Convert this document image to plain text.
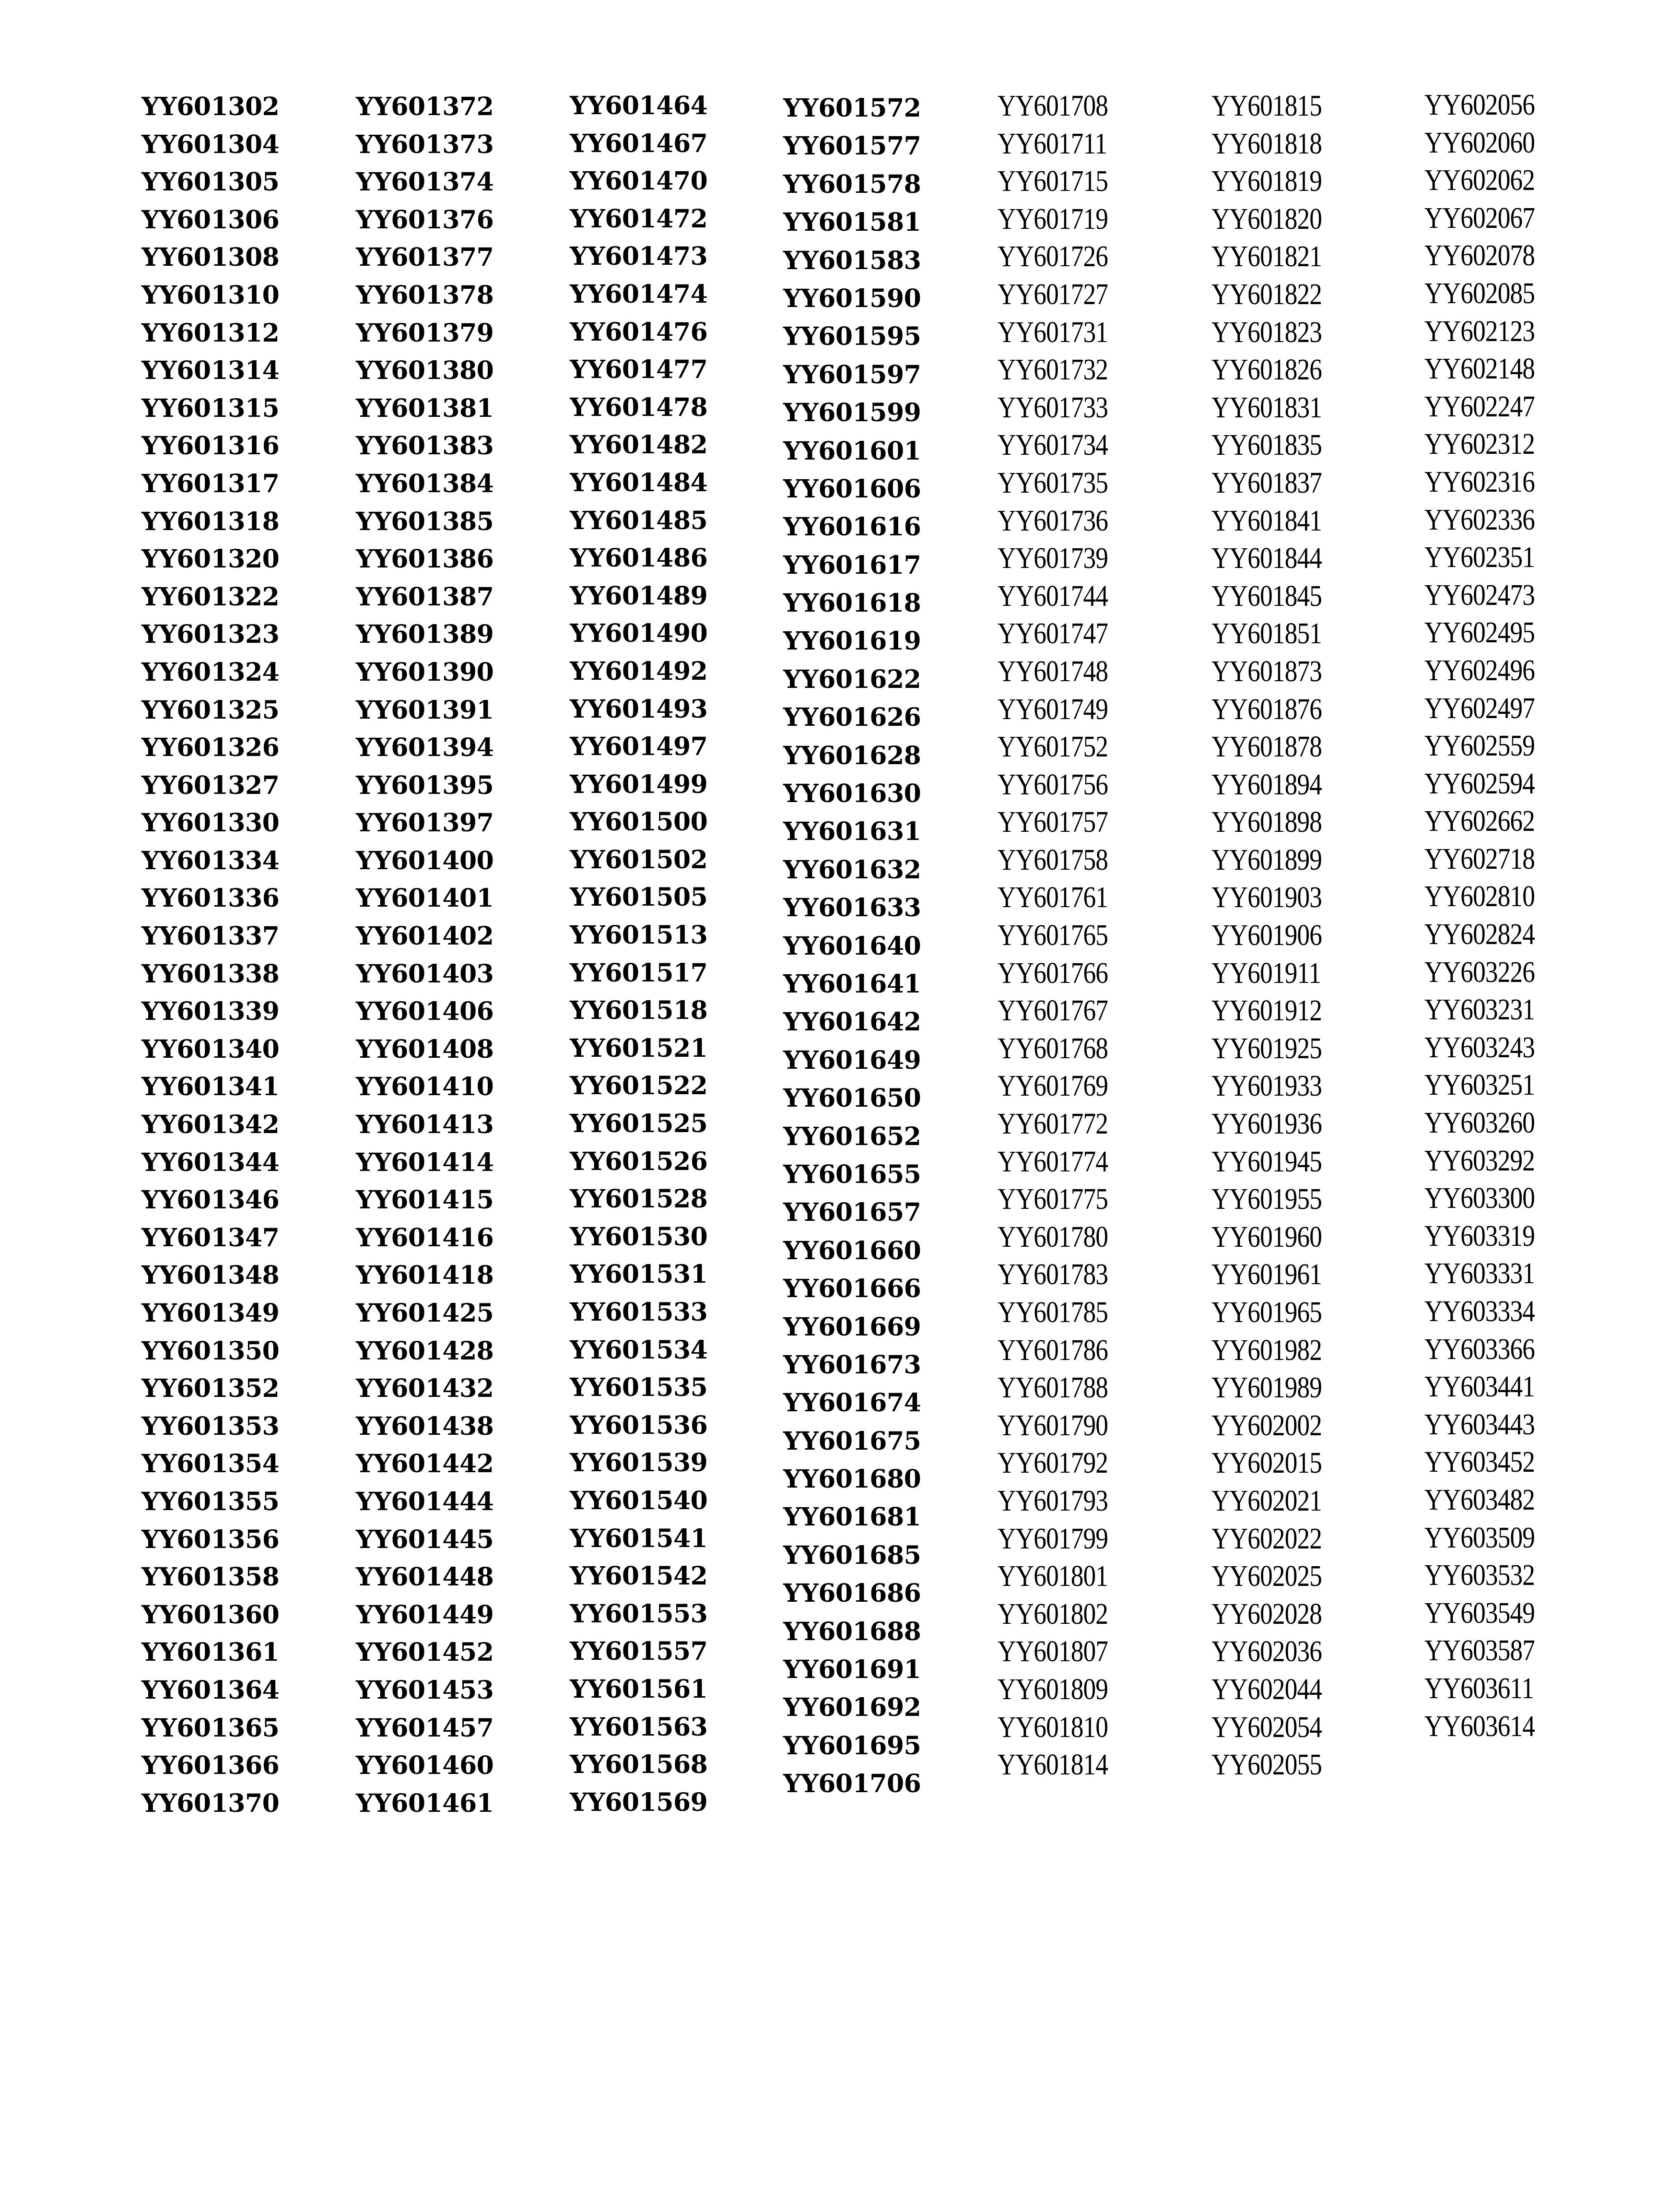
YY601302
YY601304
YY601305
YY601306
YY601308
YY601310
YY601312
YY601314
YY601315
YY601316
YY601317
YY601318
YY601320
YY601322
YY601323
YY601324
YY601325
YY601326
YY601327
YY601330
YY601334
YY601336
YY601337
YY601338
YY601339
YY601340
YY601341
YY601342
YY601344
YY601346
YY601347
YY601348
YY601349
YY601350
YY601352
YY601353
YY601354
YY601355
YY601356
YY601358
YY601360
YY601361
YY601364
YY601365
YY601366
YY601370
YY601372
YY601373
YY601374
YY601376
YY601377
YY601378
YY601379
YY601380
YY601381
YY601383
YY601384
YY601385
YY601386
YY601387
YY601389
YY601390
YY601391
YY601394
YY601395
YY601397
YY601400
YY601401
YY601402
YY601403
YY601406
YY601408
YY601410
YY601413
YY601414
YY601415
YY601416
YY601418
YY601425
YY601428
YY601432
YY601438
YY601442
YY601444
YY601445
YY601448
YY601449
YY601452
YY601453
YY601457
YY601460
YY601461
YY601464
YY601467
YY601470
YY601472
YY601473
YY601474
YY601476
YY601477
YY601478
YY601482
YY601484
YY601485
YY601486
YY601489
YY601490
YY601492
YY601493
YY601497
YY601499
YY601500
YY601502
YY601505
YY601513
YY601517
YY601518
YY601521
YY601522
YY601525
YY601526
YY601528
YY601530
YY601531
YY601533
YY601534
YY601535
YY601536
YY601539
YY601540
YY601541
YY601542
YY601553
YY601557
YY601561
YY601563
YY601568
YY601569
YY601572
YY601577
YY601578
YY601581
YY601583
YY601590
YY601595
YY601597
YY601599
YY601601
YY601606
YY601616
YY601617
YY601618
YY601619
YY601622
YY601626
YY601628
YY601630
YY601631
YY601632
YY601633
YY601640
YY601641
YY601642
YY601649
YY601650
YY601652
YY601655
YY601657
YY601660
YY601666
YY601669
YY601673
YY601674
YY601675
YY601680
YY601681
YY601685
YY601686
YY601688
YY601691
YY601692
YY601695
YY601706
YY601708
YY601711
YY601715
YY601719
YY601726
YY601727
YY601731
YY601732
YY601733
YY601734
YY601735
YY601736
YY601739
YY601744
YY601747
YY601748
YY601749
YY601752
YY601756
YY601757
YY601758
YY601761
YY601765
YY601766
YY601767
YY601768
YY601769
YY601772
YY601774
YY601775
YY601780
YY601783
YY601785
YY601786
YY601788
YY601790
YY601792
YY601793
YY601799
YY601801
YY601802
YY601807
YY601809
YY601810
YY601814
YY601815
YY601818
YY601819
YY601820
YY601821
YY601822
YY601823
YY601826
YY601831
YY601835
YY601837
YY601841
YY601844
YY601845
YY601851
YY601873
YY601876
YY601878
YY601894
YY601898
YY601899
YY601903
YY601906
YY601911
YY601912
YY601925
YY601933
YY601936
YY601945
YY601955
YY601960
YY601961
YY601965
YY601982
YY601989
YY602002
YY602015
YY602021
YY602022
YY602025
YY602028
YY602036
YY602044
YY602054
YY602055
YY602056
YY602060
YY602062
YY602067
YY602078
YY602085
YY602123
YY602148
YY602247
YY602312
YY602316
YY602336
YY602351
YY602473
YY602495
YY602496
YY602497
YY602559
YY602594
YY602662
YY602718
YY602810
YY602824
YY603226
YY603231
YY603243
YY603251
YY603260
YY603292
YY603300
YY603319
YY603331
YY603334
YY603366
YY603441
YY603443
YY603452
YY603482
YY603509
YY603532
YY603549
YY603587
YY603611
YY603614
